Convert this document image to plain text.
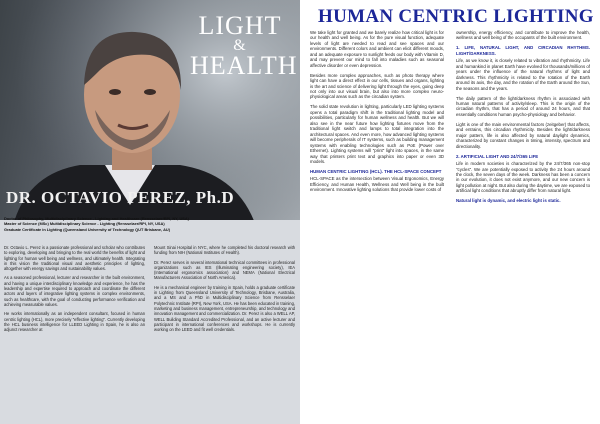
LIGHT
&
HEALTH
DR. OCTAVIO PEREZ, Ph.D
Doctor of Philosophy, Multidisciplinary Science - Lighting and Healthcare (Rensselaer/RPI, NY, USA)
Master of Science (MSc) Multidisciplinary Science - Lighting (Rensselaer/RPI, NY, USA)
Graduate Certificate in Lighting (Queensland University of Technology QUT Brisbane, AU)

Dr. Octavio L. Perez is a passionate professional and scholar who contributes to exploring, developing and bringing to the real world the benefits of light and lighting for human well being and wellness, and ultimately health. Integrating in this vision the traditional visual and aesthetic principles of lighting, altogether with energy savings and sustainability values.

As a seasoned professional, lecturer and researcher in the built environment, and having a unique interdisciplinary knowledge and experience, he has the leadership and expertise required to approach and coordinate the different actors and layers of integrative lighting systems in complex environments, such as healthcare, with the goal of conducting performance verification and achieving measurable values.

He works internationally as an independent consultant, focused in human centric lighting (HCL), more precisely "effective lighting". Currently developing the HCL business intelligence for LLEED Lighting in Spain, he is also an adjunct researcher at

Mount Sinai Hospital in NYC, where he completed his doctoral research with funding from NIH (National Institutes of Health).

Dr. Perez serves in several international technical committees in professional organizations such as IES (Illuminating engineering society), IEA (International ergonomics association) and NEMA (National Electrical Manufacturers Association of North America).

He is a mechanical engineer by training in Spain, holds a graduate certificate in Lighting from Queensland University of Technology, Brisbane, Australia, and a MS and a PhD in Multidisciplinary Science from Rensselaer Polytechnic Institute (RPI), New York, USA. He has been educated in training, marketing and business management, entrepreneurship, and technology and innovation management and commercialization. Dr. Perez is also a WELL AP, WELL Building Standard Accredited Professional, and an active lecturer and participant in international conferences and workshops. He is currently working on the LEED and fit well credentials.

HUMAN CENTRIC LIGHTING

We take light for granted and we barely realize how critical light is for our health and well being. As for the pure visual function, adequate levels of light are needed to read and see spaces and our environments. Different colors and ambient can elicit different moods, and an adequate exposure to sunlight feeds our body with Vitamin D, and may prevent our mind to fall into maladies such as seasonal affective disorder or even depression.

Besides more complex approaches, such as photo therapy where light can have a direct effect in our cells, tissues and organs, lighting is the art and science of delivering light through the eyes, going deep not only into our visual brain, but also into more complex neuro-physiological areas such as the circadian system.

The solid state revolution in lighting, particularly LED lighting systems opens a total paradigm shift in the traditional lighting model and possibilities, particularly for human wellness and health. But we will also see in the near future how lighting fixtures move from the traditional light switch and lamps to total integration into the architectural spaces. And even more, how advanced lighting systems will become peripherals of IT systems, such as building management systems with enabling technologies such as PoE (Power over Ethernet). Lighting systems will "print" light into spaces, in the same way that printers print text and graphics into paper or even 3D models.

HUMAN CENTRIC LIGHTING (HCL). THE HCL-SPACE CONCEPT

HCL-SPACE as the intersection between Visual Ergonomics, Energy Efficiency, and Human Health, Wellness and Well being in the built environment. Innovative lighting solutions that provide lower costs of

ownership, energy efficiency, and contribute to improve the health, wellness and well being of the occupants of the built environment.

1. LIFE, NATURAL LIGHT, AND CIRCADIAN RHYTHMS. LIGHT/DARKNESS.

Life, as we know it, is closely related to vibration and rhythmicity. Life and humankind in planet Earth have evolved for thousands/millions of years under the influence of the natural rhythms of light and darkness. This rhythmicity is related to the rotation of the Earth around its axis, the day, and the rotation of the Earth around the Sun, the seasons and the years.

The daily pattern of the light/darkness rhythm is associated with human natural patterns of activity/sleep. This is the origin of the circadian rhythm, that has a period of around 24 hours, and that essentially conditions human psycho-physiology and behavior.

Light is one of the main environmental factors (zeitgeber) that affects, and entrains, this circadian rhythmicity. Besides the light/darkness major pattern, life is also affected by natural daylight dynamics, characterized by constant changes in timing, intensity, spectrum and directionality.

2. ARTIFICIAL LIGHT AND 24/7/365 LIFE

Life in modern societies is characterized by the 24/7/365 non-stop "cycles". We are potentially exposed to activity the 24 hours around the clock, the seven days of the week. Darkness has been a concern in our evolution, it does not exist anymore, and our new concern is light pollution at night. But also during the daytime, we are exposed to artificial light conditions that abruptly differ from natural light.

Natural light is dynamic, and electric light is static.
